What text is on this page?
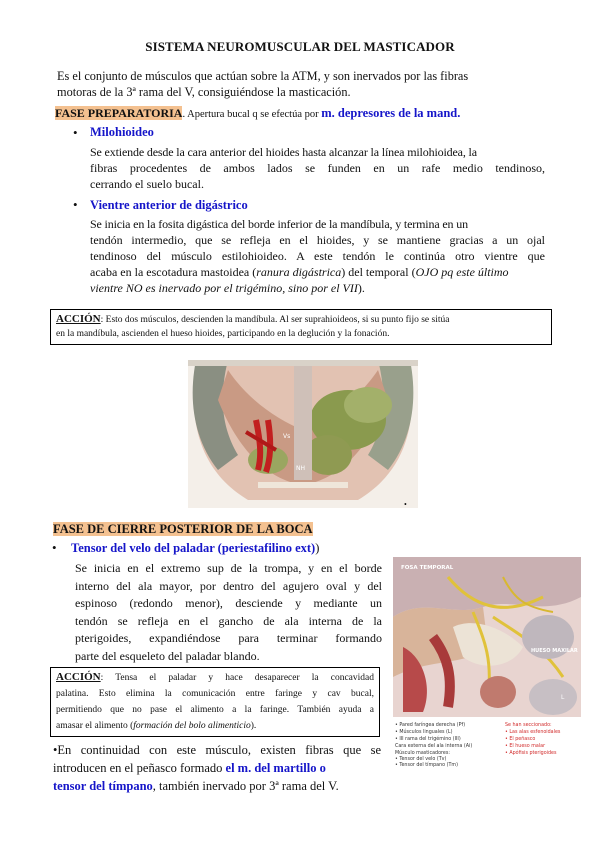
SISTEMA NEUROMUSCULAR DEL MASTICADOR
Es el conjunto de músculos que actúan sobre la ATM, y son inervados por las fibras
motoras de la 3ª rama del V, consiguiéndose la masticación.
FASE PREPARATORIA. Apertura bucal q se efectúa por m. depresores de la mand.
• Milohioideo
Se extiende desde la cara anterior del hioides hasta alcanzar la línea milohioidea, la
fibras procedentes de ambos lados se funden en un rafe medio tendinoso,
cerrando el suelo bucal.
• Vientre anterior de digástrico
Se inicia en la fosita digástica del borde inferior de la mandíbula, y termina en un
tendón intermedio, que se refleja en el hioides, y se mantiene gracias a un ojal
tendinoso del músculo estilohioideo. A este tendón le continúa otro vientre que
acaba en la escotadura mastoidea (ranura digástrica) del temporal (OJO pq este último
vientre NO es inervado por el trigémino, sino por el VII).
ACCIÓN: Esto dos músculos, descienden la mandíbula. Al ser suprahioideos, si su punto fijo se sitúa
en la mandíbula, ascienden el hueso hioides, participando en la deglución y la fonación.
Vs
NH
•
FASE DE CIERRE POSTERIOR DE LA BOCA
• Tensor del velo del paladar (periestafilino ext))
Se inicia en el extremo sup de la trompa, y en el borde
interno del ala mayor, por dentro del agujero oval y del
espinoso (redondo menor), desciende y mediante un
tendón se refleja en el gancho de ala interna de la
pterigoides, expandiéndose para terminar formando
parte del esqueleto del paladar blando.
ACCIÓN: Tensa el paladar y hace desaparecer la concavidad
palatina. Esto elimina la comunicación entre faringe y cav bucal,
permitiendo que no pase el alimento a la faringe. También ayuda a
amasar el alimento (formación del bolo alimenticio).
•En continuidad con este músculo, existen fibras que se
introducen en el peñasco formado el m. del martillo o
tensor del tímpano, también inervado por 3ª rama del V.
FOSA TEMPORAL
HUESO MAXILAR
L
• Pared faríngea derecha (Pf)
• Músculos linguales (L)
• III rama del trigémino (III)
Cara externa del ala interna (Ai)
Músculo masticadores:
• Tensor del velo (Tv)
• Tensor del tímpano (Tm)
Se han seccionado:
• Las alas esfenoidales
• El peñasco
• El hueso malar
• Apófisis pterigoides
